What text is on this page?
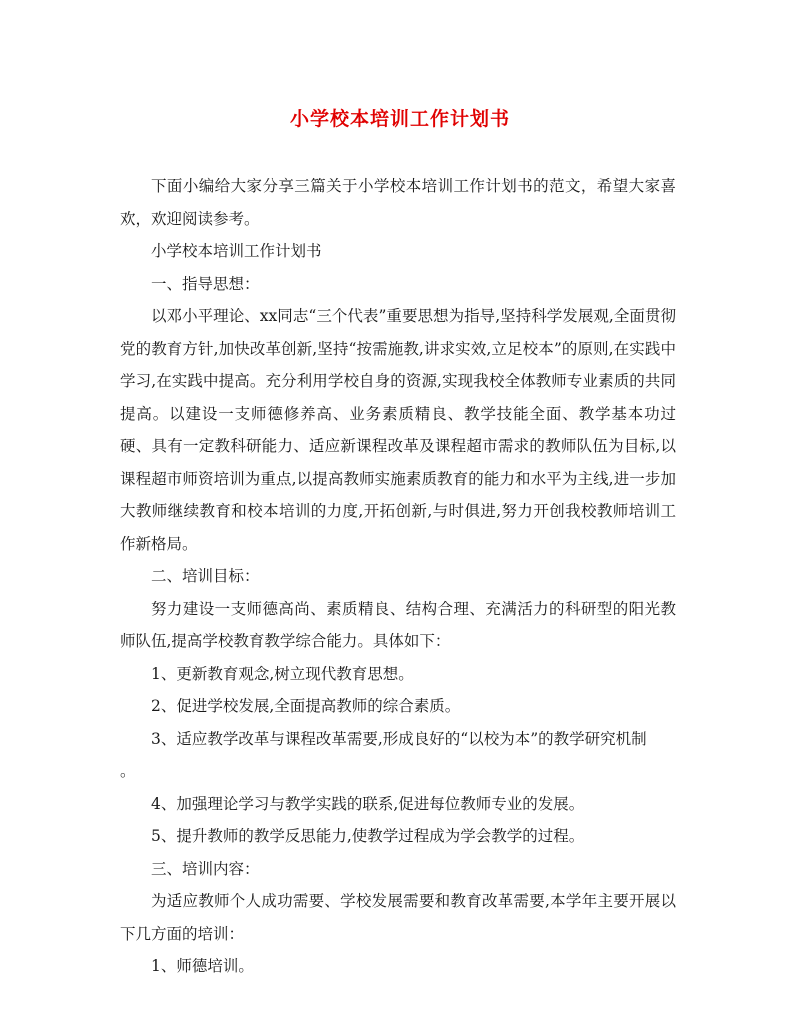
小学校本培训工作计划书

下面小编给大家分享三篇关于小学校本培训工作计划书的范文，希望大家喜欢，欢迎阅读参考。

小学校本培训工作计划书

一、指导思想：

以邓小平理论、xx同志“三个代表”重要思想为指导,坚持科学发展观,全面贯彻党的教育方针,加快改革创新,坚持“按需施教,讲求实效,立足校本”的原则,在实践中学习,在实践中提高。充分利用学校自身的资源,实现我校全体教师专业素质的共同提高。以建设一支师德修养高、业务素质精良、教学技能全面、教学基本功过硬、具有一定教科研能力、适应新课程改革及课程超市需求的教师队伍为目标,以课程超市师资培训为重点,以提高教师实施素质教育的能力和水平为主线,进一步加大教师继续教育和校本培训的力度,开拓创新,与时俱进,努力开创我校教师培训工作新格局。

二、培训目标：

努力建设一支师德高尚、素质精良、结构合理、充满活力的科研型的阳光教师队伍,提高学校教育教学综合能力。具体如下：

1、更新教育观念,树立现代教育思想。

2、促进学校发展,全面提高教师的综合素质。

3、适应教学改革与课程改革需要,形成良好的“以校为本”的教学研究机制

。

4、加强理论学习与教学实践的联系,促进每位教师专业的发展。

5、提升教师的教学反思能力,使教学过程成为学会教学的过程。

三、培训内容：

为适应教师个人成功需要、学校发展需要和教育改革需要,本学年主要开展以下几方面的培训：

1、师德培训。
